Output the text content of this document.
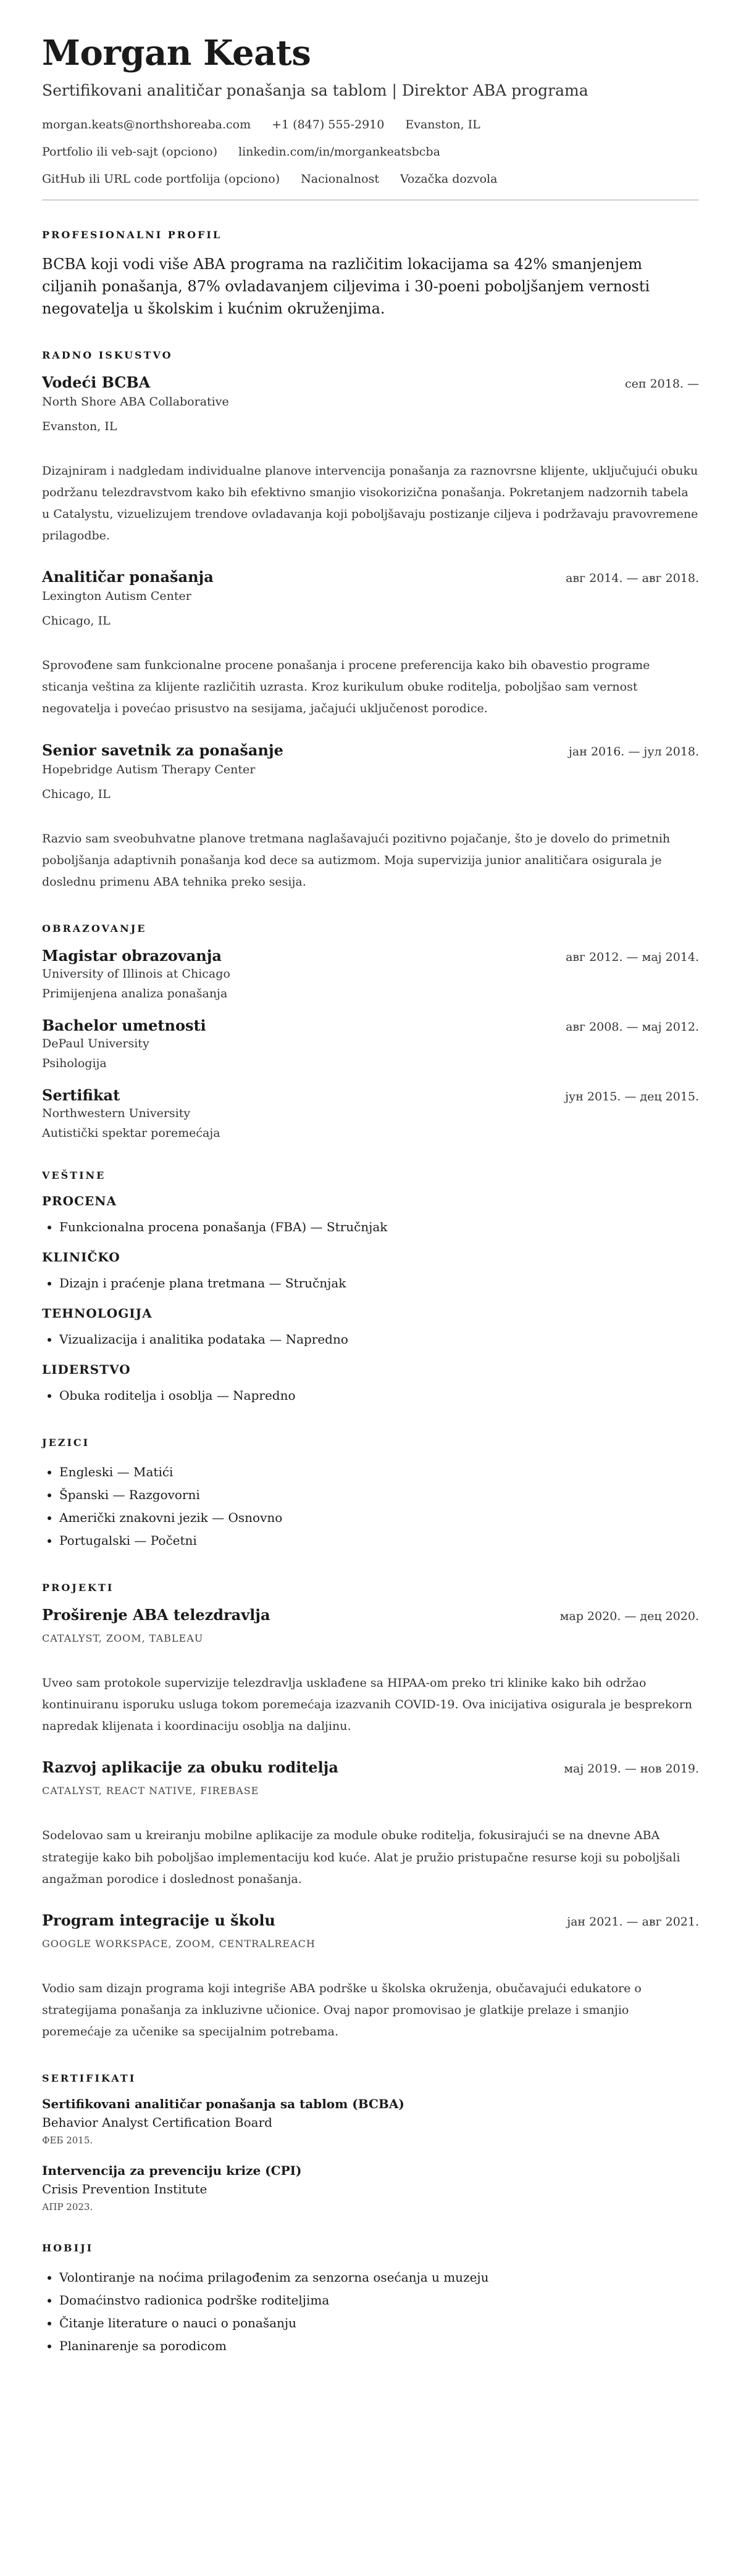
Morgan Keats
Sertifikovani analitičar ponašanja sa tablom | Direktor ABA programa
morgan.keats@northshoreaba.com +1 (847) 555-2910 Evanston, IL
Portfolio ili veb-sajt (opciono) linkedin.com/in/morgankeatsbcba
GitHub ili URL code portfolija (opciono) Nacionalnost Vozačka dozvola
PROFESIONALNI PROFIL

BCBA koji vodi više ABA programa na različitim lokacijama sa 42% smanjenjem ciljanih ponašanja, 87% ovladavanjem ciljevima i 30-poeni poboljšanjem vernosti negovatelja u školskim i kućnim okruženjima.

RADNO ISKUSTVO
Vodeći BCBA	сеп 2018. —
North Shore ABA Collaborative
Evanston, IL

Dizajniram i nadgledam individualne planove intervencija ponašanja za raznovrsne klijente, uključujući obuku podržanu telezdravstvom kako bih efektivno smanjio visokorizična ponašanja. Pokretanjem nadzornih tabela u Catalystu, vizuelizujem trendove ovladavanja koji poboljšavaju postizanje ciljeva i podržavaju pravovremene prilagodbe.

Analitičar ponašanja	авг 2014. — авг 2018.
Lexington Autism Center
Chicago, IL

Sprovođene sam funkcionalne procene ponašanja i procene preferencija kako bih obavestio programe sticanja veština za klijente različitih uzrasta. Kroz kurikulum obuke roditelja, poboljšao sam vernost negovatelja i povećao prisustvo na sesijama, jačajući uključenost porodice.

Senior savetnik za ponašanje	јан 2016. — јул 2018.
Hopebridge Autism Therapy Center
Chicago, IL

Razvio sam sveobuhvatne planove tretmana naglašavajući pozitivno pojačanje, što je dovelo do primetnih poboljšanja adaptivnih ponašanja kod dece sa autizmom. Moja supervizija junior analitičara osigurala je doslednu primenu ABA tehnika preko sesija.

OBRAZOVANJE
Magistar obrazovanja	авг 2012. — мај 2014.
University of Illinois at Chicago
Primijenjena analiza ponašanja
Bachelor umetnosti	авг 2008. — мај 2012.
DePaul University
Psihologija
Sertifikat	јун 2015. — дец 2015.
Northwestern University
Autistički spektar poremećaja
VEŠTINE
PROCENA
• Funkcionalna procena ponašanja (FBA) — Stručnjak
KLINIČKO
• Dizajn i praćenje plana tretmana — Stručnjak
TEHNOLOGIJA
• Vizualizacija i analitika podataka — Napredno
LIDERSTVO
• Obuka roditelja i osoblja — Napredno
JEZICI
• Engleski — Matići
• Španski — Razgovorni
• Američki znakovni jezik — Osnovno
• Portugalski — Početni
PROJEKTI
Proširenje ABA telezdravlja	мар 2020. — дец 2020.
CATALYST, ZOOM, TABLEAU

Uveo sam protokole supervizije telezdravlja usklađene sa HIPAA-om preko tri klinike kako bih održao kontinuiranu isporuku usluga tokom poremećaja izazvanih COVID-19. Ova inicijativa osigurala je besprekorn napredak klijenata i koordinaciju osoblja na daljinu.

Razvoj aplikacije za obuku roditelja	мај 2019. — нов 2019.
CATALYST, REACT NATIVE, FIREBASE

Sodelovao sam u kreiranju mobilne aplikacije za module obuke roditelja, fokusirajući se na dnevne ABA strategije kako bih poboljšao implementaciju kod kuće. Alat je pružio pristupačne resurse koji su poboljšali angažman porodice i doslednost ponašanja.

Program integracije u školu	јан 2021. — авг 2021.
GOOGLE WORKSPACE, ZOOM, CENTRALREACH

Vodio sam dizajn programa koji integriše ABA podrške u školska okruženja, obučavajući edukatore o strategijama ponašanja za inkluzivne učionice. Ovaj napor promovisao je glatkije prelaze i smanjio poremećaje za učenike sa specijalnim potrebama.

SERTIFIKATI
Sertifikovani analitičar ponašanja sa tablom (BCBA)
Behavior Analyst Certification Board
ФЕБ 2015.
Intervencija za prevenciju krize (CPI)
Crisis Prevention Institute
АПР 2023.
HOBIJI
• Volontiranje na noćima prilagođenim za senzorna osećanja u muzeju
• Domaćinstvo radionica podrške roditeljima
• Čitanje literature o nauci o ponašanju
• Planinarenje sa porodicom
